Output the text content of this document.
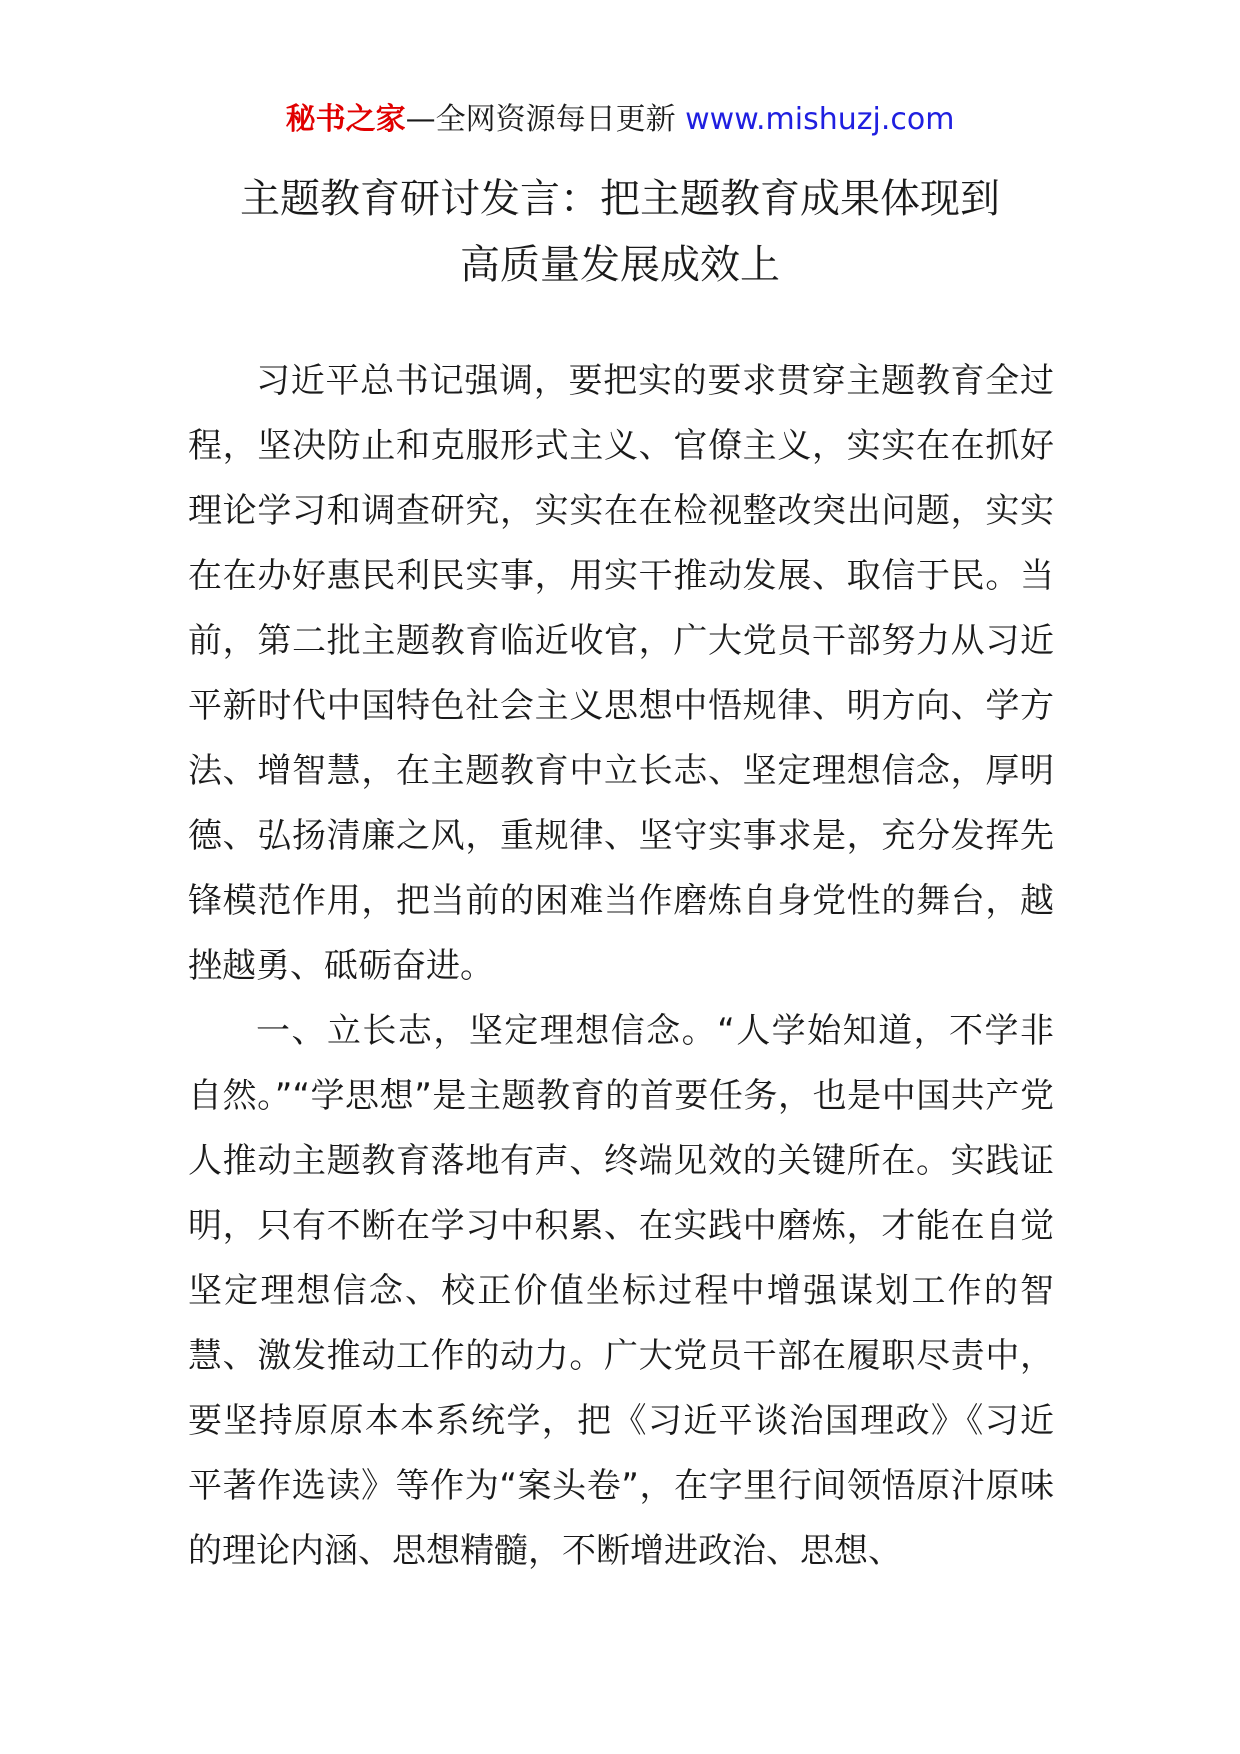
秘书之家—全网资源每日更新 www.mishuzj.com
主题教育研讨发言：把主题教育成果体现到
高质量发展成效上

习近平总书记强调，要把实的要求贯穿主题教育全过程，坚决防止和克服形式主义、官僚主义，实实在在抓好理论学习和调查研究，实实在在检视整改突出问题，实实在在办好惠民利民实事，用实干推动发展、取信于民。当前，第二批主题教育临近收官，广大党员干部努力从习近平新时代中国特色社会主义思想中悟规律、明方向、学方法、增智慧，在主题教育中立长志、坚定理想信念，厚明德、弘扬清廉之风，重规律、坚守实事求是，充分发挥先锋模范作用，把当前的困难当作磨炼自身党性的舞台，越挫越勇、砥砺奋进。

一、立长志，坚定理想信念。“人学始知道，不学非自然。”“学思想”是主题教育的首要任务，也是中国共产党人推动主题教育落地有声、终端见效的关键所在。实践证明，只有不断在学习中积累、在实践中磨炼，才能在自觉坚定理想信念、校正价值坐标过程中增强谋划工作的智慧、激发推动工作的动力。广大党员干部在履职尽责中，要坚持原原本本系统学，把《习近平谈治国理政》《习近平著作选读》等作为“案头卷”，在字里行间领悟原汁原味的理论内涵、思想精髓，不断增进政治、思想、
